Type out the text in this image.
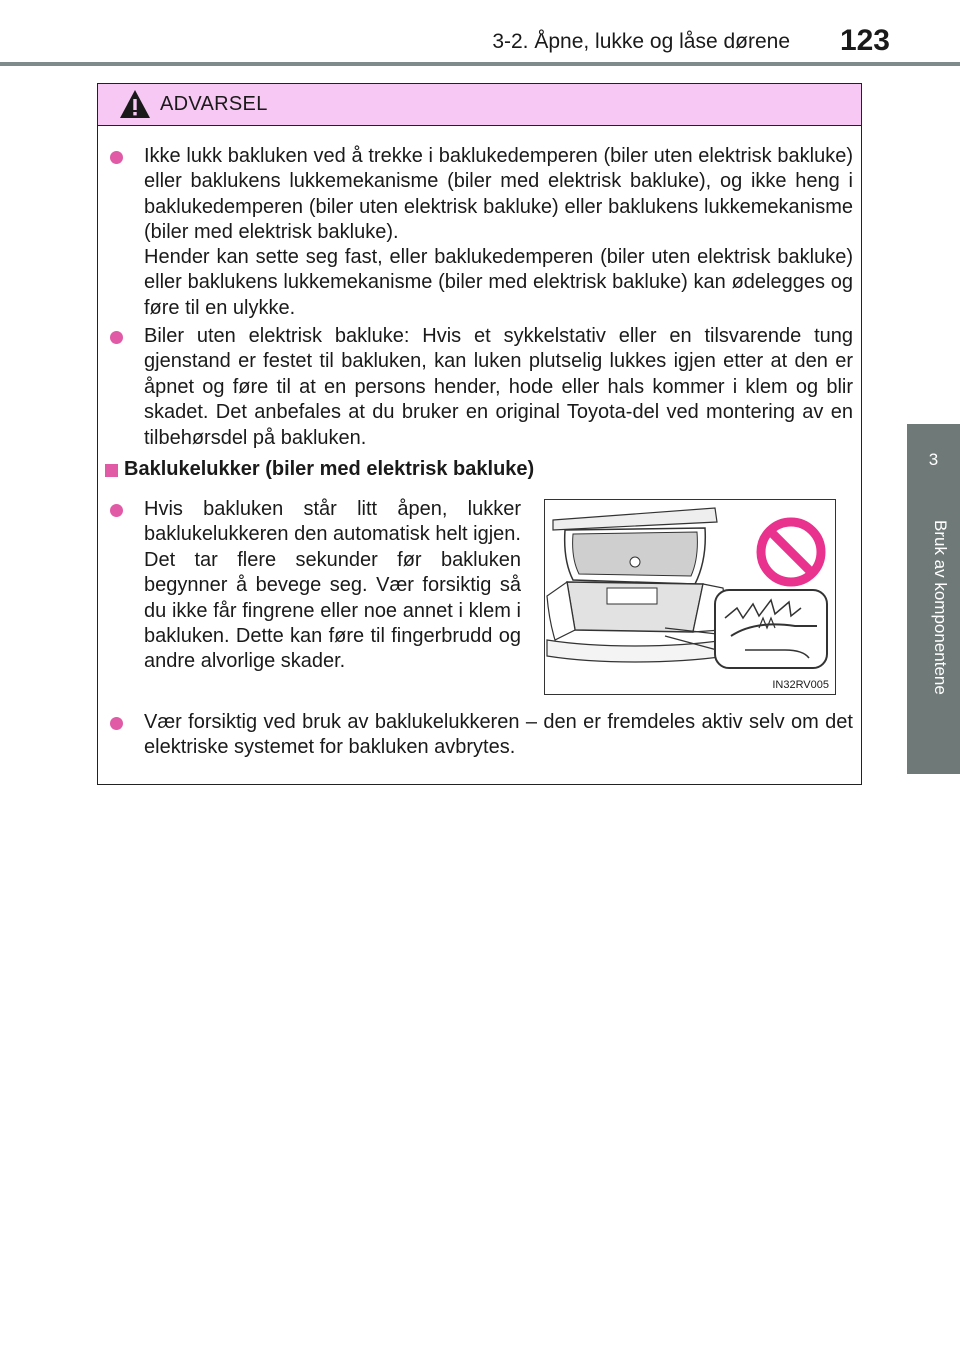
3-2. Åpne, lukke og låse dørene 123
3
Bruk av komponentene
ADVARSEL
Ikke lukk bakluken ved å trekke i baklukedemperen (biler uten elektrisk bakluke) eller baklukens lukkemekanisme (biler med elektrisk bakluke), og ikke heng i baklukedemperen (biler uten elektrisk bakluke) eller baklukens lukkemekanisme (biler med elektrisk bakluke).
Hender kan sette seg fast, eller baklukedemperen (biler uten elektrisk bakluke) eller baklukens lukkemekanisme (biler med elektrisk bakluke) kan ødelegges og føre til en ulykke.
Biler uten elektrisk bakluke: Hvis et sykkelstativ eller en tilsvarende tung gjenstand er festet til bakluken, kan luken plutselig lukkes igjen etter at den er åpnet og føre til at en persons hender, hode eller hals kommer i klem og blir skadet. Det anbefales at du bruker en original Toyota-del ved montering av en tilbehørsdel på bakluken.
Baklukelukker (biler med elektrisk bakluke)
Hvis bakluken står litt åpen, lukker baklukelukkeren den automatisk helt igjen. Det tar flere sekunder før bakluken begynner å bevege seg. Vær forsiktig så du ikke får fingrene eller noe annet i klem i bakluken. Dette kan føre til fingerbrudd og andre alvorlige skader.
Vær forsiktig ved bruk av baklukelukkeren – den er fremdeles aktiv selv om det elektriske systemet for bakluken avbrytes.
IN32RV005
